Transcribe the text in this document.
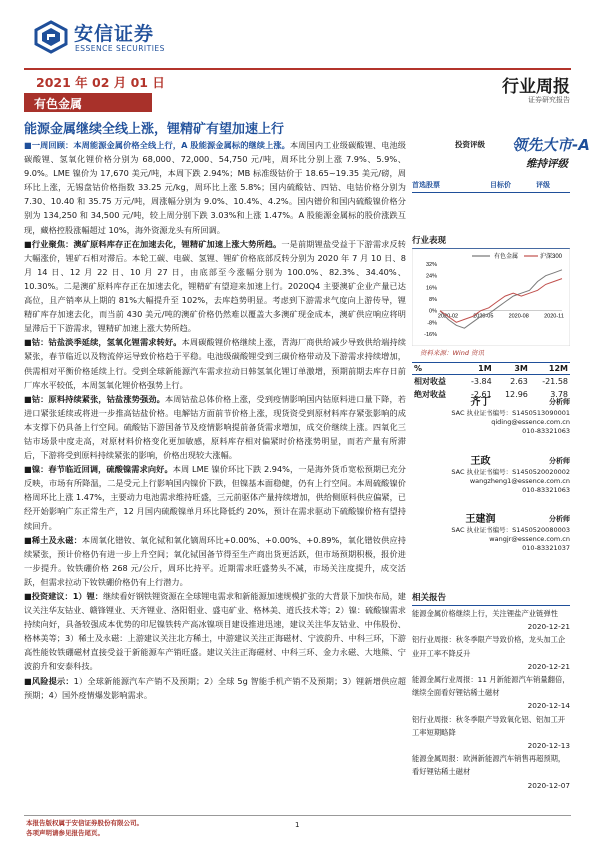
安信证券
ESSENCE SECURITIES
2021 年 02 月 01 日
有色金属
行业周报
证券研究报告
能源金属继续全线上涨，锂精矿有望加速上行

■一周回顾：本周能源金属价格全线上行，A 股能源金属标的继续上涨。本周国内工业级碳酸锂、电池级碳酸锂、氢氧化锂价格分别为 68,000、72,000、54,750 元/吨，周环比分别上涨 7.9%、5.9%、9.0%。LME 镍价为 17,670 美元/吨，本周下跌 2.94%；MB 标准级钴价于 18.65~19.35 美元/磅，周环比上涨，无锡盘钴价格指数 33.25 元/kg，周环比上涨 5.8%；国内硫酸钴、四钴、电钴价格分别为 7.30、10.40 和 35.75 万元/吨，周涨幅分别为 9.0%、10.4%、4.2%。国内镨价和国内硫酸镍价格分别为 134,250 和 34,500 元/吨，较上周分别下跌 3.03%和上涨 1.47%。A 股能源金属标的股价涨跌互现，藏格控股涨幅超过 10%，海外资源龙头有所回调。

■行业聚焦：澳矿原料库存正在加速去化，锂精矿加速上涨大势所趋。一是前期锂盐受益于下游需求反转大幅涨价，锂矿石相对滞后。本轮工碳、电碳、氢锂、锂矿价格底部反转分别为 2020 年 7 月 10 日、8 月 14 日、12 月 22 日、10 月 27 日，由底部至今涨幅分别为 100.0%、82.3%、34.40%、10.30%。二是澳矿原料库存正在加速去化，锂精矿有望迎来加速上行。2020Q4 主要澳矿企业产量已达高位，且产销率从上期的 81%大幅提升至 102%，去库趋势明显。考虑到下游需求气度向上游传导，锂精矿库存加速去化，而当前 430 美元/吨的澳矿价格仍然难以覆盖大多澳矿现金成本，澳矿供应响应将明显滞后于下游需求，锂精矿加速上涨大势所趋。

■钴：钴盐淡季延续，氢氧化锂需求转好。本周碳酸锂价格继续上涨，青海厂商供给减少导致供给端持续紧张，春节临近以及物流停运导致价格趋于平稳。电池级碳酸锂受到三碳价格带动及下游需求持续增加，供需相对平衡价格延续上行。受到全球新能源汽车需求拉动日韩氢氧化锂订单激增，预期前期去库存日前厂库水平较低，本周氢氧化锂价格强势上行。

■钴：原料持续紧张，钴盐涨势强劲。本周钴盐总体价格上涨，受到疫情影响国内钴原料进口量下降，若进口紧张延续或将进一步推高钴盐价格。电解钴方面前节价格上涨，现货资受到原材料库存紧张影响的成本支撑下仍具备上行空间。硫酸钴下游国备节及疫情影响提前备货需求增加，成交价继续上涨。四氧化三钴市场景中度走高，对原材料价格变化更加敏感，原料库存相对偏紧时价格涨势明显，而若产量有所滞后，下游将受到原料持续紧张的影响，价格出现较大涨幅。

■镍：春节临近回调，硫酸镍需求向好。本周 LME 镍价环比下跌 2.94%，一是海外货币宽松预期已充分反映，市场有所降温，二是受元上行影响国内镍价下跌，但镍基本面稳健，仍有上行空间。本周硫酸镍价格周环比上涨 1.47%，主要动力电池需求维持旺盛，三元前驱体产量持续增加，供给侧原料供应偏紧，已经开始影响广东正常生产，12 月国内硫酸镍单月环比降低约 20%，预计在需求驱动下硫酸镍价格有望持续回升。

■稀土及永磁：本周氧化镨钕、氧化铽和氧化镝周环比+0.00%、+0.00%、+0.89%，氧化镨钕供应持续紧张，预计价格仍有进一步上升空间；氧化铽国备节得至生产商出货更活跃，但市场预期积极，报价进一步提升。钕铁硼价格 268 元/公斤，周环比持平。近期需求旺盛势头不减，市场关注度提升，成交活跃，但需求拉动下钕铁硼价格仍有上行潜力。

■投资建议：1）锂：继续看好钢铁锂资源在全球锂电需求和新能源加速规模扩张的大背景下加快布局，建议关注华友钴业、赣锋锂业、天齐锂业、洛阳钼业、盛屯矿业、格林美、道氏技术等；2）镍：硫酸镍需求持续向好，具备较强成本优势的印尼镍铁转产高冰镍项目建设推进迅速，建议关注华友钴业、中伟股份、格林美等；3）稀土及永磁：上游建议关注北方稀土，中游建议关注正海磁材、宁波韵升、中科三环，下游高性能钕铁硼磁材直接受益于新能源车产销旺盛。建议关注正海磁材、中科三环、金力永磁、大地熊、宁波韵升和安泰科技。

■风险提示：1）全球新能源汽车产销不及预期；2）全球 5g 智能手机产销不及预期；3）锂新增供应超预期；4）国外疫情爆发影响需求。

投资评级 领先大市-A
维持评级
首选股票	目标价	评级
行业表现
有色金属	沪深300
32%
24%
16%
8%
0%
-8%
-16%
2020-02	2020-05	2020-08	2020-11
资料来源：Wind 资讯
%	1M	3M	12M
相对收益	-3.84	2.63	-21.58
绝对收益	-2.61	12.96	3.78
齐丁	分析师
SAC 执业证书编号：S1450513090001
qiding@essence.com.cn
010-83321063
王政	分析师
SAC 执业证书编号：S1450520020002
wangzheng1@essence.com.cn
010-83321063
王建润	分析师
SAC 执业证书编号：S1450520080003
wangjr@essence.com.cn
010-83321037
相关报告
能源金属价格继续上行，关注锂盐产业链弹性
2020-12-21
铝行业周报：秋冬季限产导致价格，龙头加工企业开工率不降反升
2020-12-21
能源金属行业周报：11 月新能源汽车销量翻倍，继续全面看好锂钴稀土磁材
2020-12-14
铝行业周报：秋冬季限产导致氧化铝、铝加工开工率短期略降
2020-12-13
能源金属周报：欧洲新能源汽车销售再超预期，看好锂钴稀土磁材
2020-12-07
本报告版权属于安信证券股份有限公司。
各项声明请参见报告尾页。
1
